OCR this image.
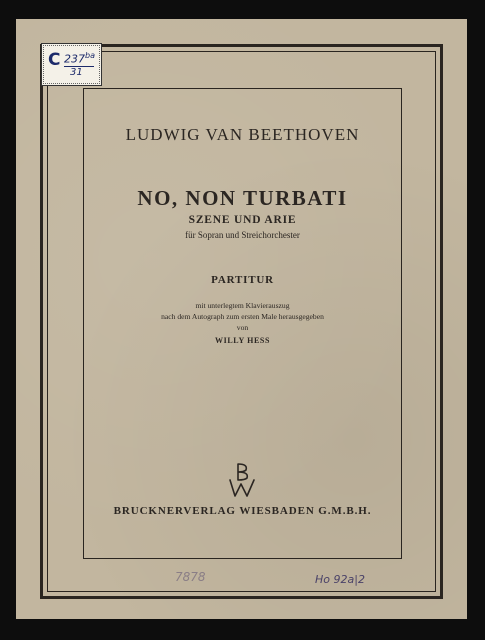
C $237^{ba}$
31
LUDWIG VAN BEETHOVEN
NO, NON TURBATI
SZENE UND ARIE
für Sopran und Streichorchester
PARTITUR
mit unterlegtem Klavierauszug
nach dem Autograph zum ersten Male herausgegeben
von
WILLY HESS
BRUCKNERVERLAG WIESBADEN G.M.B.H.
7878	Ho 92a|2
